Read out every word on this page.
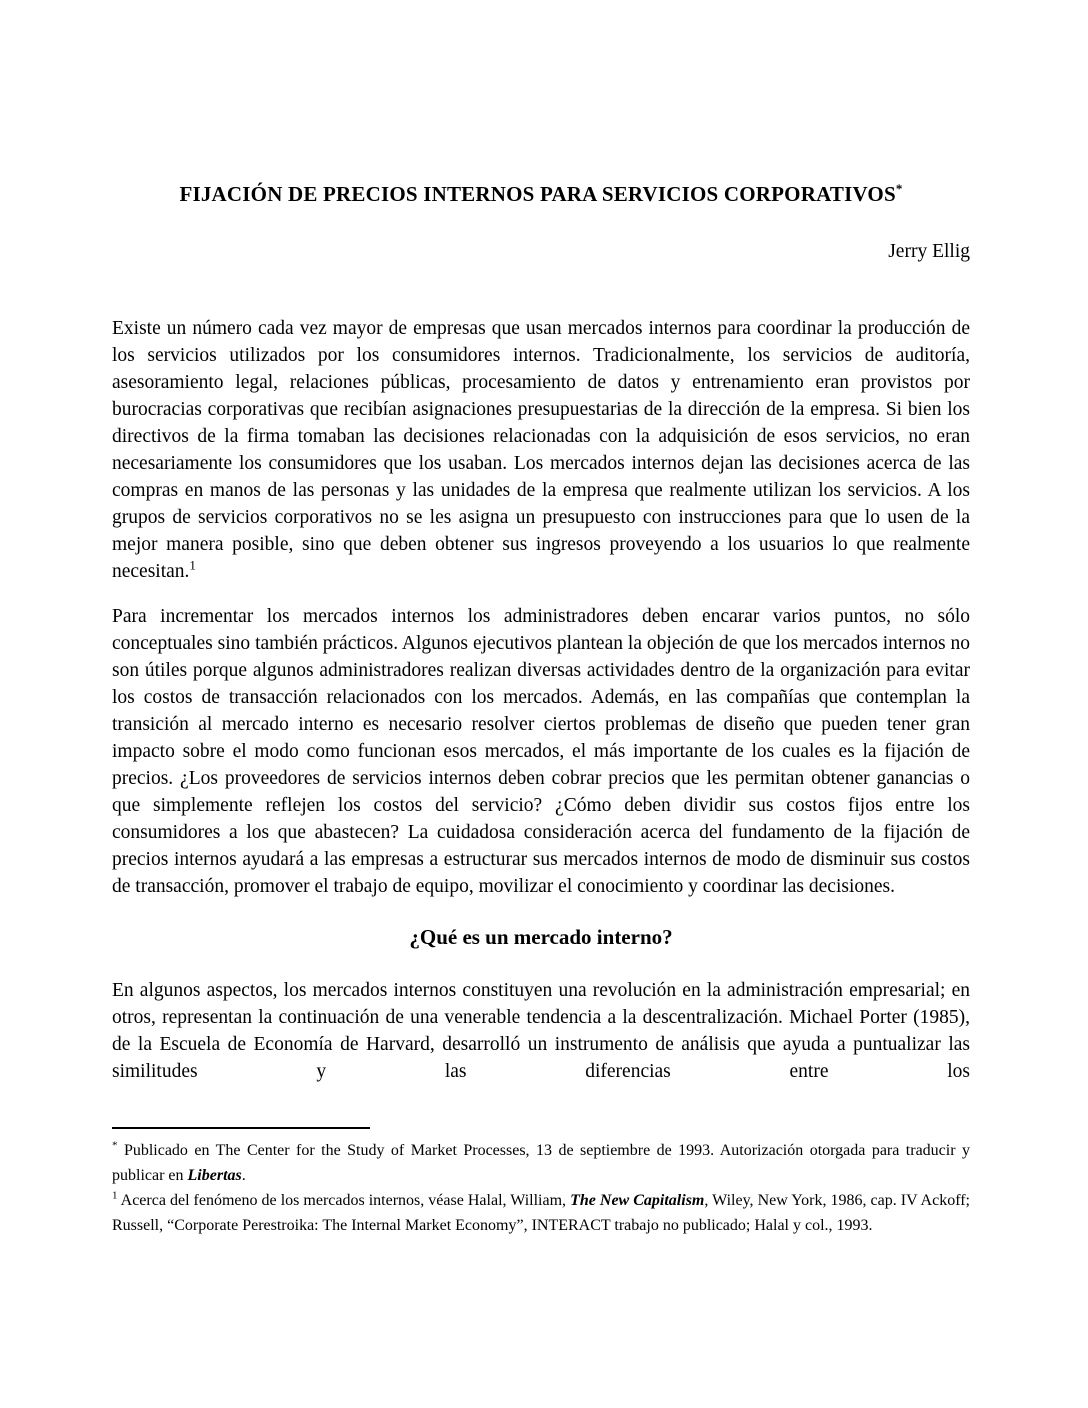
FIJACIÓN DE PRECIOS INTERNOS PARA SERVICIOS CORPORATIVOS*
Jerry Ellig

Existe un número cada vez mayor de empresas que usan mercados internos para coordinar la producción de los servicios utilizados por los consumidores internos. Tradicionalmente, los servicios de auditoría, asesoramiento legal, relaciones públicas, procesamiento de datos y entrenamiento eran provistos por burocracias corporativas que recibían asignaciones presupuestarias de la dirección de la empresa. Si bien los directivos de la firma tomaban las decisiones relacionadas con la adquisición de esos servicios, no eran necesariamente los consumidores que los usaban. Los mercados internos dejan las decisiones acerca de las compras en manos de las personas y las unidades de la empresa que realmente utilizan los servicios. A los grupos de servicios corporativos no se les asigna un presupuesto con instrucciones para que lo usen de la mejor manera posible, sino que deben obtener sus ingresos proveyendo a los usuarios lo que realmente necesitan.$^1$

Para incrementar los mercados internos los administradores deben encarar varios puntos, no sólo conceptuales sino también prácticos. Algunos ejecutivos plantean la objeción de que los mercados internos no son útiles porque algunos administradores realizan diversas actividades dentro de la organización para evitar los costos de transacción relacionados con los mercados. Además, en las compañías que contemplan la transición al mercado interno es necesario resolver ciertos problemas de diseño que pueden tener gran impacto sobre el modo como funcionan esos mercados, el más importante de los cuales es la fijación de precios. ¿Los proveedores de servicios internos deben cobrar precios que les permitan obtener ganancias o que simplemente reflejen los costos del servicio? ¿Cómo deben dividir sus costos fijos entre los consumidores a los que abastecen? La cuidadosa consideración acerca del fundamento de la fijación de precios internos ayudará a las empresas a estructurar sus mercados internos de modo de disminuir sus costos de transacción, promover el trabajo de equipo, movilizar el conocimiento y coordinar las decisiones.

¿Qué es un mercado interno?

En algunos aspectos, los mercados internos constituyen una revolución en la administración empresarial; en otros, representan la continuación de una venerable tendencia a la descentralización. Michael Porter (1985), de la Escuela de Economía de Harvard, desarrolló un instrumento de análisis que ayuda a puntualizar las similitudes y las diferencias entre los

* Publicado en The Center for the Study of Market Processes, 13 de septiembre de 1993. Autorización otorgada para traducir y publicar en Libertas.

$^1$ Acerca del fenómeno de los mercados internos, véase Halal, William, The New Capitalism, Wiley, New York, 1986, cap. IV Ackoff; Russell, “Corporate Perestroika: The Internal Market Economy”, INTERACT trabajo no publicado; Halal y col., 1993.
